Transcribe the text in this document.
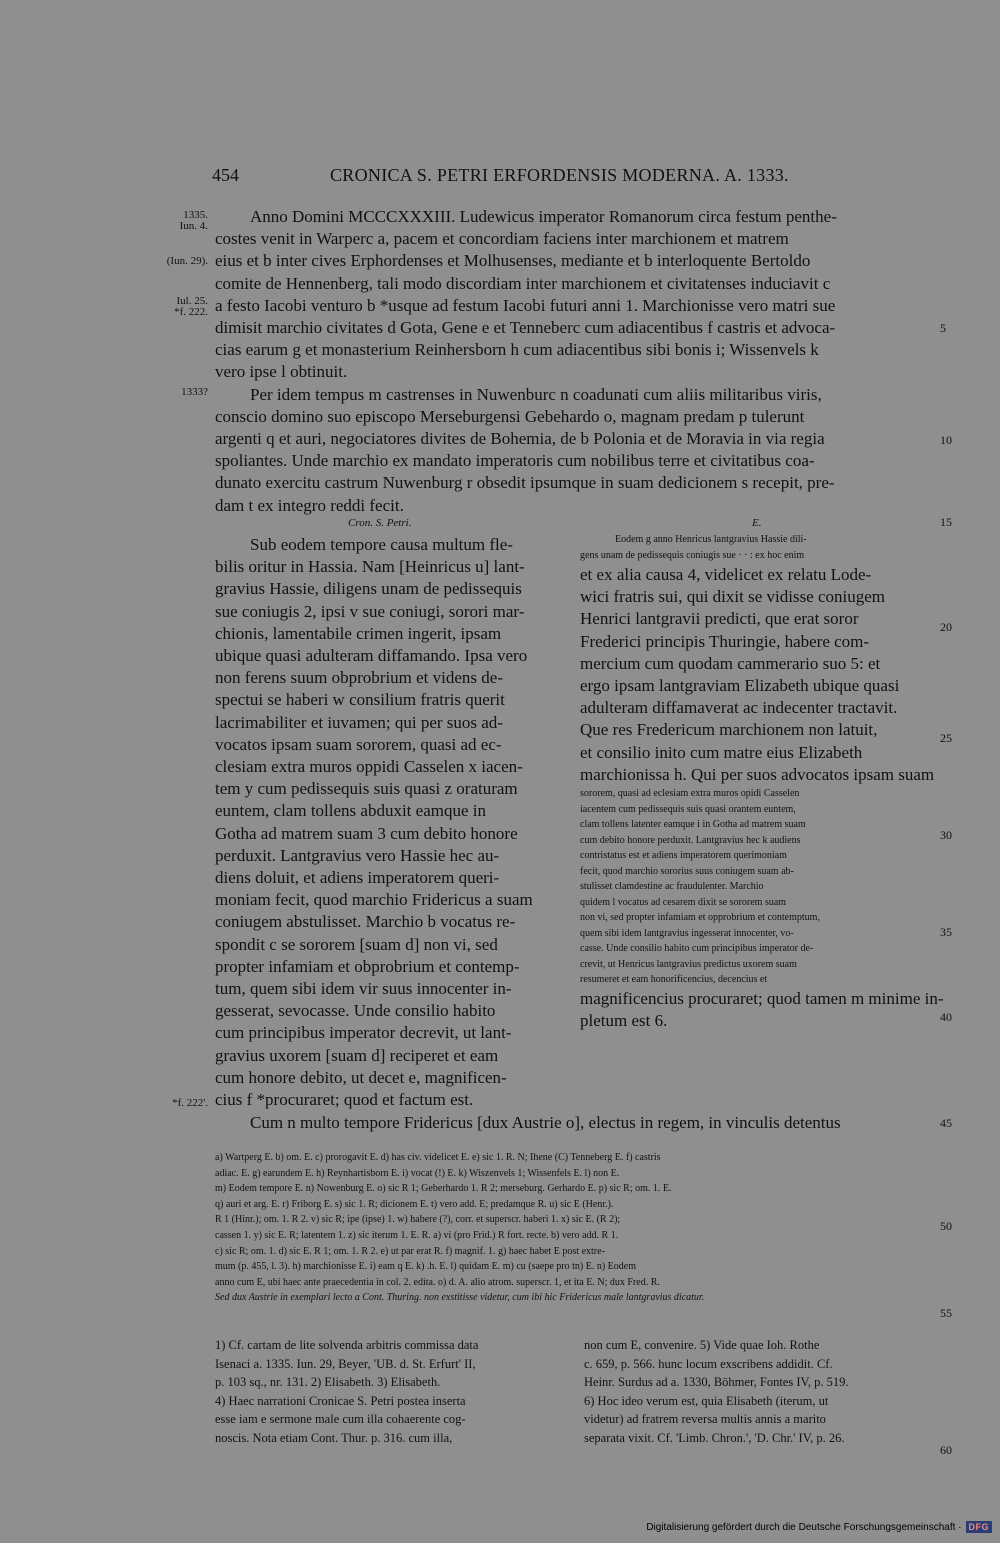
454	CRONICA S. PETRI ERFORDENSIS MODERNA. A. 1333.
1335.
Iun. 4.
(Iun. 29).
Iul. 25.
*f. 222.
1333?
*f. 222'.
5
10
15
20
25
30
35
40
45
50
55
60
Anno Domini MCCCXXXIII. Ludewicus imperator Romanorum circa festum penthe-
costes venit in Warperc a, pacem et concordiam faciens inter marchionem et matrem
eius et b inter cives Erphordenses et Molhusenses, mediante et b interloquente Bertoldo
comite de Hennenberg, tali modo discordiam inter marchionem et civitatenses induciavit c
a festo Iacobi venturo b *usque ad festum Iacobi futuri anni 1. Marchionisse vero matri sue
dimisit marchio civitates d Gota, Gene e et Tenneberc cum adiacentibus f castris et advoca-
cias earum g et monasterium Reinhersborn h cum adiacentibus sibi bonis i; Wissenvels k
vero ipse l obtinuit.
Per idem tempus m castrenses in Nuwenburc n coadunati cum aliis militaribus viris,
conscio domino suo episcopo Merseburgensi Gebehardo o, magnam predam p tulerunt
argenti q et auri, negociatores divites de Bohemia, de b Polonia et de Moravia in via regia
spoliantes. Unde marchio ex mandato imperatoris cum nobilibus terre et civitatibus coa-
dunato exercitu castrum Nuwenburg r obsedit ipsumque in suam dedicionem s recepit, pre-
dam t ex integro reddi fecit.
Cron. S. Petri.	E.
Sub eodem tempore causa multum fle-
bilis oritur in Hassia. Nam [Heinricus u] lant-
gravius Hassie, diligens unam de pedissequis
sue coniugis 2, ipsi v sue coniugi, sorori mar-
chionis, lamentabile crimen ingerit, ipsam
ubique quasi adulteram diffamando. Ipsa vero
non ferens suum obprobrium et videns de-
spectui se haberi w consilium fratris querit
lacrimabiliter et iuvamen; qui per suos ad-
vocatos ipsam suam sororem, quasi ad ec-
clesiam extra muros oppidi Casselen x iacen-
tem y cum pedissequis suis quasi z oraturam
euntem, clam tollens abduxit eamque in
Gotha ad matrem suam 3 cum debito honore
perduxit. Lantgravius vero Hassie hec au-
diens doluit, et adiens imperatorem queri-
moniam fecit, quod marchio Fridericus a suam
coniugem abstulisset. Marchio b vocatus re-
spondit c se sororem [suam d] non vi, sed
propter infamiam et obprobrium et contemp-
tum, quem sibi idem vir suus innocenter in-
gesserat, sevocasse. Unde consilio habito
cum principibus imperator decrevit, ut lant-
gravius uxorem [suam d] reciperet et eam
cum honore debito, ut decet e, magnificen-
cius f *procuraret; quod et factum est.
Eodem g anno Henricus lantgravius Hassie dili-
gens unam de pedissequis coniugis sue · · : ex hoc enim
et ex alia causa 4, videlicet ex relatu Lode-
wici fratris sui, qui dixit se vidisse coniugem
Henrici lantgravii predicti, que erat soror
Frederici principis Thuringie, habere com-
mercium cum quodam cammerario suo 5: et
ergo ipsam lantgraviam Elizabeth ubique quasi
adulteram diffamaverat ac indecenter tractavit.
Que res Fredericum marchionem non latuit,
et consilio inito cum matre eius Elizabeth
marchionissa h. Qui per suos advocatos ipsam suam
sororem, quasi ad eclesiam extra muros opidi Casselen
iacentem cum pedissequis suis quasi orantem euntem,
clam tollens latenter eamque i in Gotha ad matrem suam
cum debito honore perduxit. Lantgravius hec k audiens
contristatus est et adiens imperatorem querimoniam
fecit, quod marchio sororius suus coniugem suam ab-
stulisset clamdestine ac fraudulenter. Marchio
quidem l vocatus ad cesarem dixit se sororem suam
non vi, sed propter infamiam et opprobrium et contemptum,
quem sibi idem lantgravius ingesserat innocenter, vo-
casse. Unde consilio habito cum principibus imperator de-
crevit, ut Henricus lantgravius predictus uxorem suam
resumeret et eam honorificencius, decencius et
magnificencius procuraret; quod tamen m minime in-
pletum est 6.
Cum n multo tempore Fridericus [dux Austrie o], electus in regem, in vinculis detentus
a) Wartperg E. b) om. E. c) prorogavit E. d) has civ. videlicet E. e) sic 1. R. N; Ihene (C) Tenneberg E. f) castris
adiac. E. g) earundem E. h) Reynhartisborn E. i) vocat (!) E. k) Wiszenvels 1; Wissenfels E. l) non E.
m) Eodem tempore E. n) Nowenburg E. o) sic R 1; Geberhardo 1. R 2; merseburg. Gerhardo E. p) sic R; om. 1. E.
q) auri et arg. E. r) Friborg E. s) sic 1. R; dicionem E. t) vero add. E; predamque R. u) sic E (Henr.).
R 1 (Hinr.); om. 1. R 2. v) sic R; ipe (ipse) 1. w) habere (?), corr. et superscr. haberi 1. x) sic E. (R 2);
cassen 1. y) sic E. R; latentem 1. z) sic iterum 1. E. R. a) vi (pro Frid.) R fort. recte. b) vero add. R 1.
c) sic R; om. 1. d) sic E. R 1; om. 1. R 2. e) ut par erat R. f) magnif. 1. g) haec habet E post extre-
mum (p. 455, l. 3). h) marchionisse E. i) eam q E. k) .h. E. l) quidam E. m) cu (saepe pro tn) E. n) Eodem
anno cum E, ubi haec ante praecedentia in col. 2. edita. o) d. A. alio atrom. superscr. 1, et ita E. N; dux Fred. R.
Sed dux Austrie in exemplari lecto a Cont. Thuring. non exstitisse videtur, cum ibi hic Fridericus male lantgravius dicatur.
1) Cf. cartam de lite solvenda arbitris commissa data
Isenaci a. 1335. Iun. 29, Beyer, 'UB. d. St. Erfurt' II,
p. 103 sq., nr. 131. 2) Elisabeth. 3) Elisabeth.
4) Haec narrationi Cronicae S. Petri postea inserta
esse iam e sermone male cum illa cohaerente cog-
noscis. Nota etiam Cont. Thur. p. 316. cum illa,
non cum E, convenire. 5) Vide quae Ioh. Rothe
c. 659, p. 566. hunc locum exscribens addidit. Cf.
Heinr. Surdus ad a. 1330, Böhmer, Fontes IV, p. 519.
6) Hoc ideo verum est, quia Elisabeth (iterum, ut
videtur) ad fratrem reversa multis annis a marito
separata vixit. Cf. 'Limb. Chron.', 'D. Chr.' IV, p. 26.
Digitalisierung gefördert durch die Deutsche Forschungsgemeinschaft · DFG
